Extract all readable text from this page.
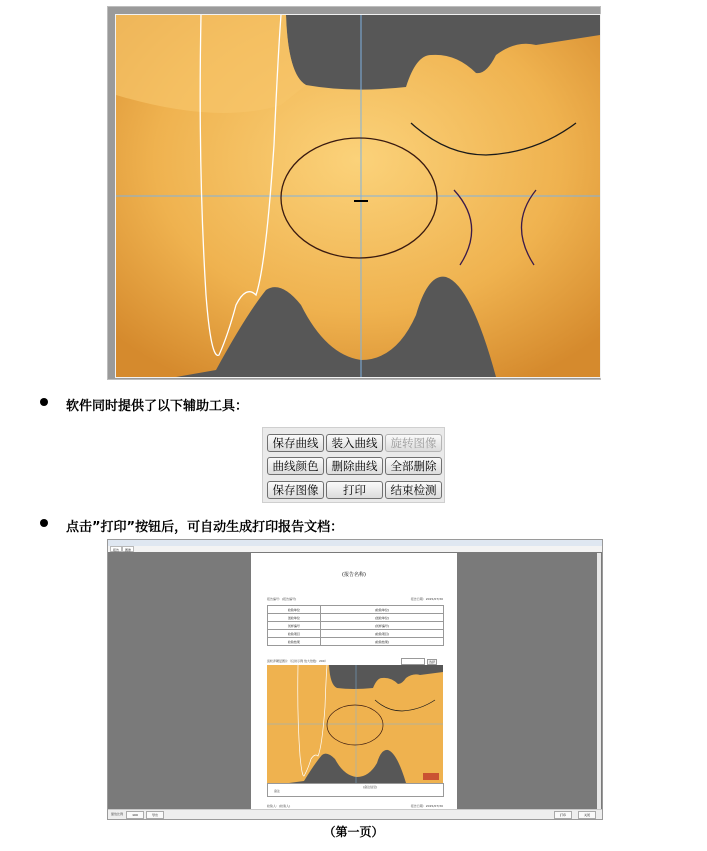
软件同时提供了以下辅助工具：
保存曲线	装入曲线	旋转图像
曲线颜色	删除曲线	全部删除
保存图像	打印	结束检测
点击”打印”按钮后，可自动生成打印报告文档：
报告	图像
(报告名称)
报告编号：(报告编号)	报告日期：2015/07/30
检验单位	(检验单位)
送检单位	(送检单位)
试样编号	(试样编号)
检验项目	(检验项目)
检验结果	(检验结果)
齿轮淬硬层图片（仅供示例 放大倍数：200）	选择
备注
(备注信息)
检验人：(检验人)	报告日期：2015/07/30
缩放比例	100	导出	打印	关闭
（第一页）
